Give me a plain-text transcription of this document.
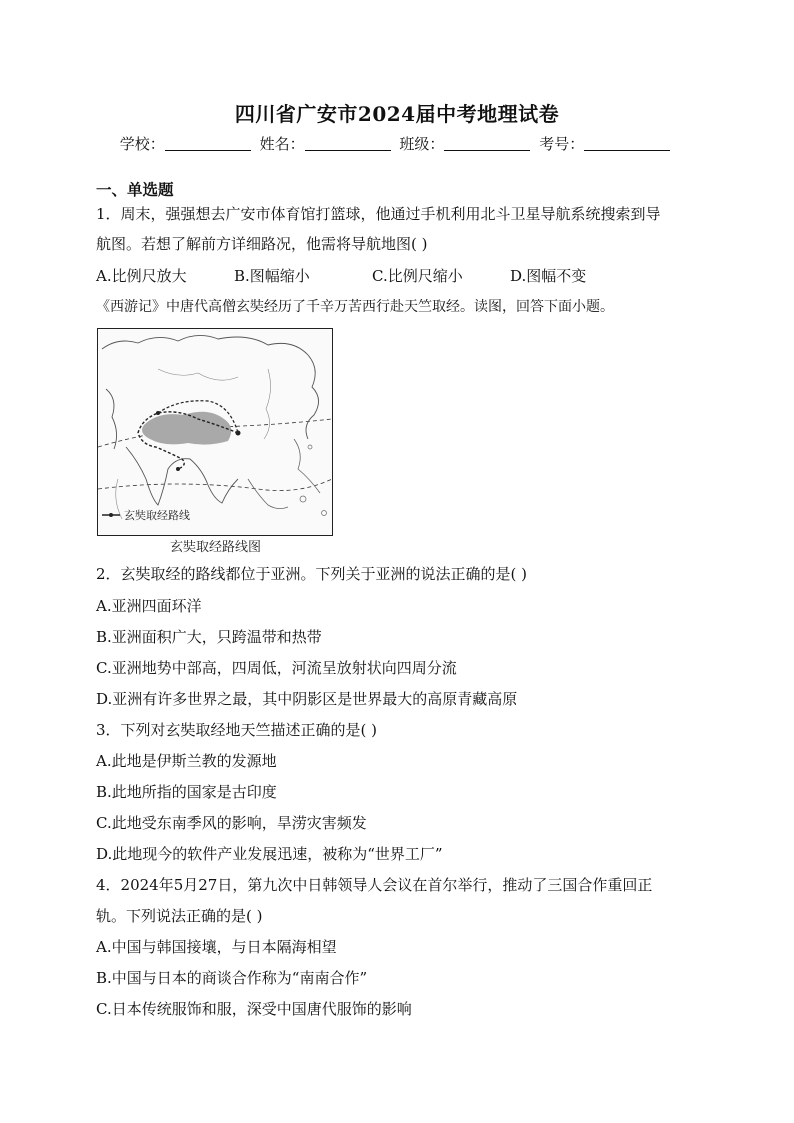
四川省广安市2024届中考地理试卷
学校：	姓名：	班级：	考号：
一、单选题
1．周末，强强想去广安市体育馆打篮球，他通过手机利用北斗卫星导航系统搜索到导
航图。若想了解前方详细路况，他需将导航地图( )
A.比例尺放大	B.图幅缩小	C.比例尺缩小	D.图幅不变
《西游记》中唐代高僧玄奘经历了千辛万苦西行赴天竺取经。读图，回答下面小题。
玄奘取经路线
玄奘取经路线图
2．玄奘取经的路线都位于亚洲。下列关于亚洲的说法正确的是( )
A.亚洲四面环洋
B.亚洲面积广大，只跨温带和热带
C.亚洲地势中部高，四周低，河流呈放射状向四周分流
D.亚洲有许多世界之最，其中阴影区是世界最大的高原青藏高原
3．下列对玄奘取经地天竺描述正确的是( )
A.此地是伊斯兰教的发源地
B.此地所指的国家是古印度
C.此地受东南季风的影响，旱涝灾害频发
D.此地现今的软件产业发展迅速，被称为“世界工厂”
4．2024年5月27日，第九次中日韩领导人会议在首尔举行，推动了三国合作重回正
轨。下列说法正确的是( )
A.中国与韩国接壤，与日本隔海相望
B.中国与日本的商谈合作称为“南南合作”
C.日本传统服饰和服，深受中国唐代服饰的影响
